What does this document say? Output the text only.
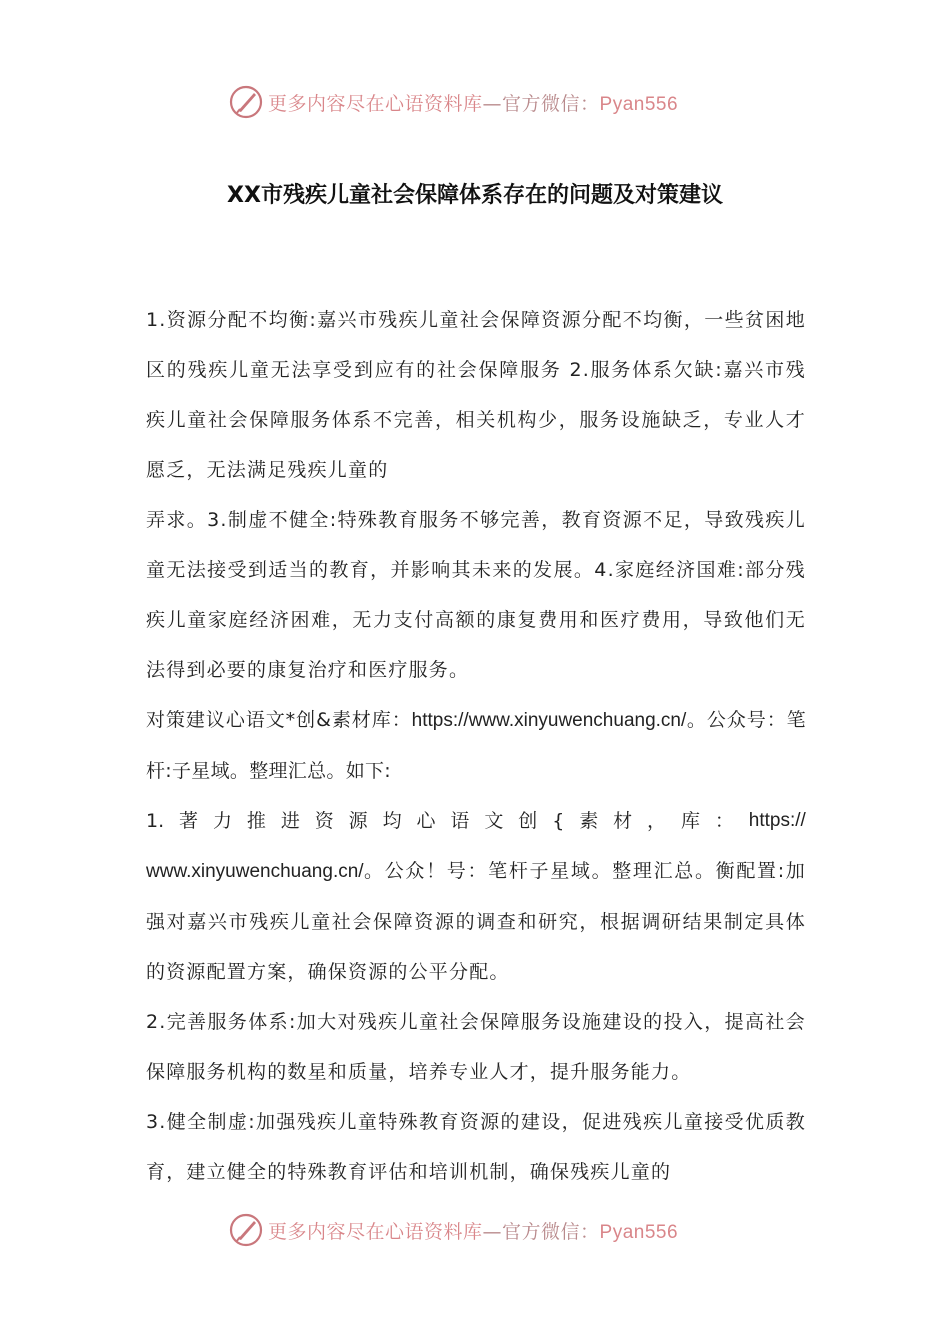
更多内容尽在心语资料库—官方微信：Pyan556
XX市残疾儿童社会保障体系存在的问题及对策建议

1.资源分配不均衡:嘉兴市残疾儿童社会保障资源分配不均衡，一些贫困地区的残疾儿童无法享受到应有的社会保障服务 2.服务体系欠缺:嘉兴市残疾儿童社会保障服务体系不完善，相关机构少，服务设施缺乏，专业人才愿乏，无法满足残疾儿童的

弄求。3.制虚不健全:特殊教育服务不够完善，教育资源不足，导致残疾儿童无法接受到适当的教育，并影响其未来的发展。4.家庭经济国难:部分残疾儿童家庭经济困难，无力支付高额的康复费用和医疗费用，导致他们无法得到必要的康复治疗和医疗服务。

对策建议心语文*创&素材库：https://www.xinyuwenchuang.cn/。公众号：笔杆:子星域。整理汇总。如下:

1. 著 力 推 进 资 源 均 心 语 文 创 { 素 材 ， 库 ： https://

www.xinyuwenchuang.cn/。公众！号：笔杆子星域。整理汇总。衡配置:加强对嘉兴市残疾儿童社会保障资源的调查和研究，根据调研结果制定具体的资源配置方案，确保资源的公平分配。

2.完善服务体系:加大对残疾儿童社会保障服务设施建设的投入，提高社会保障服务机构的数星和质量，培养专业人才，提升服务能力。

3.健全制虚:加强残疾儿童特殊教育资源的建设，促进残疾儿童接受优质教育，建立健全的特殊教育评估和培训机制，确保残疾儿童的

更多内容尽在心语资料库—官方微信：Pyan556
